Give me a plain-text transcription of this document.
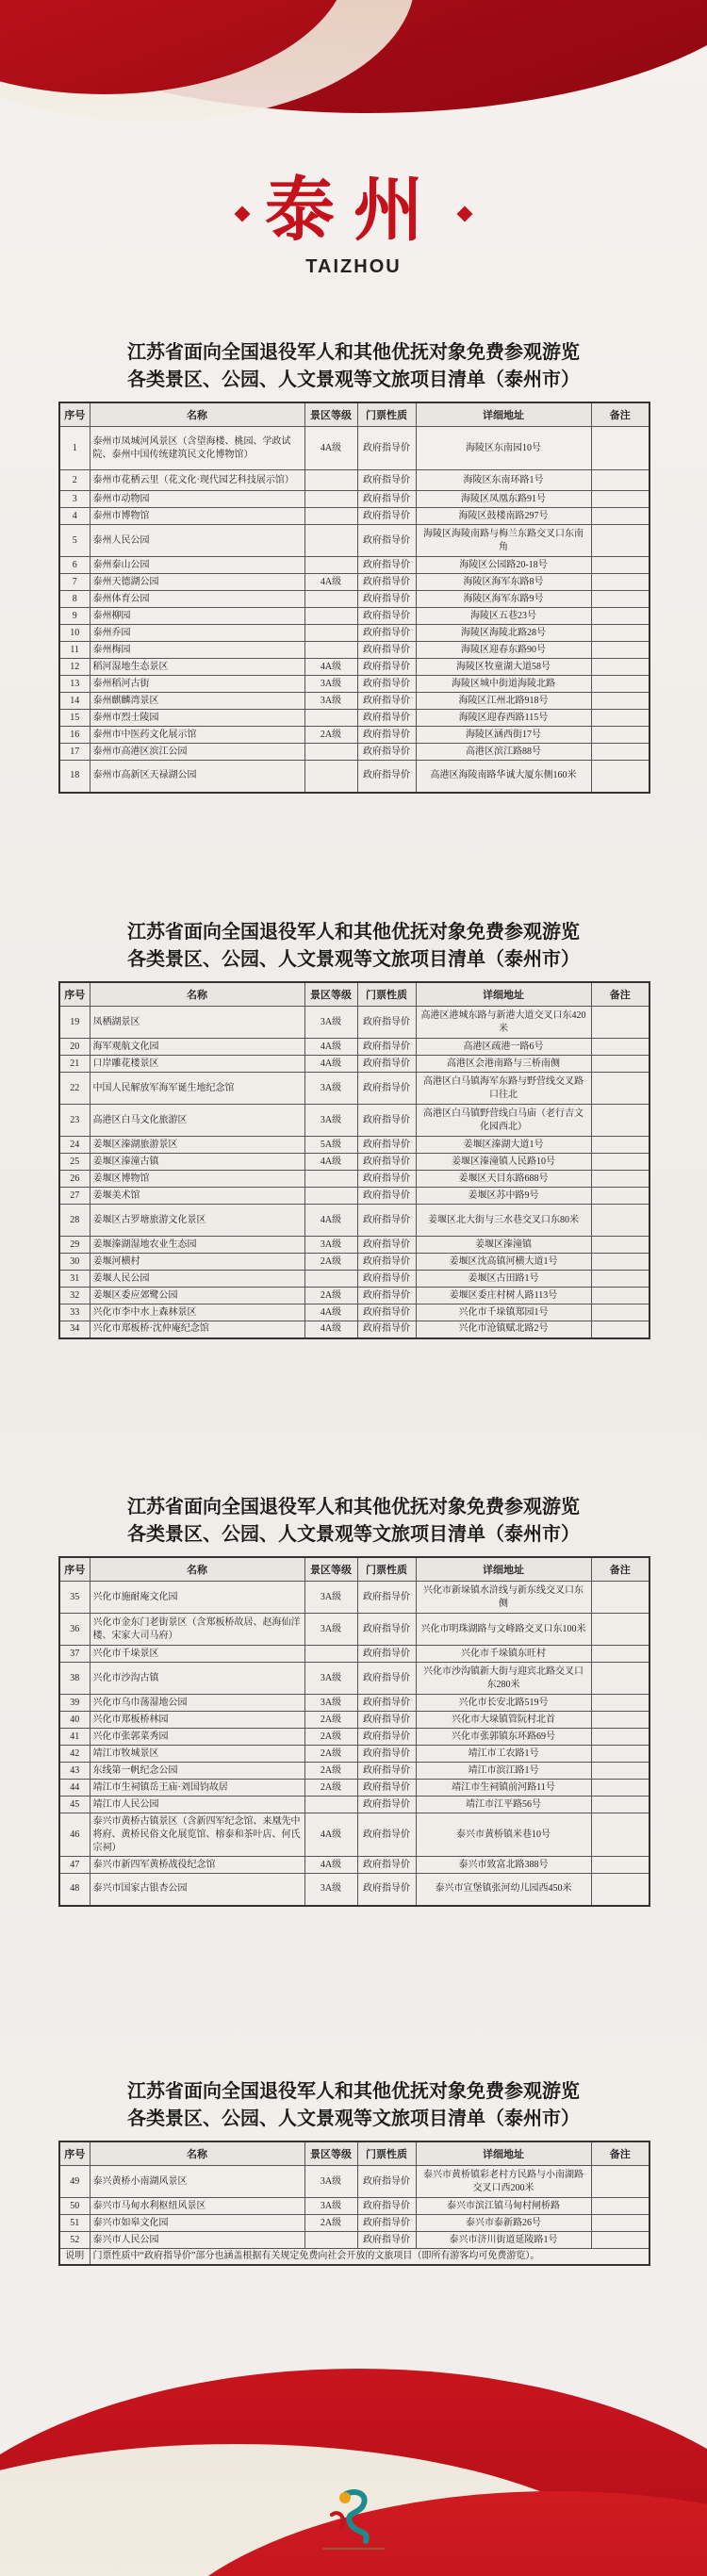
泰州
TAIZHOU
江苏省面向全国退役军人和其他优抚对象免费参观游览
各类景区、公园、人文景观等文旅项目清单（泰州市）
序号	名称	景区等级	门票性质	详细地址	备注
1	泰州市凤城河风景区（含望海楼、桃园、学政试院、泰州中国传统建筑民文化博物馆）	4A级	政府指导价	海陵区东南园10号	
2	泰州市花栖云里（花文化·现代园艺科技展示馆）		政府指导价	海陵区东南环路1号	
3	泰州市动物园		政府指导价	海陵区凤凰东路91号	
4	泰州市博物馆		政府指导价	海陵区鼓楼南路297号	
5	泰州人民公园		政府指导价	海陵区海陵南路与梅兰东路交叉口东南角	
6	泰州泰山公园		政府指导价	海陵区公园路20-18号	
7	泰州天德湖公园	4A级	政府指导价	海陵区海军东路8号	
8	泰州体育公园		政府指导价	海陵区海军东路9号	
9	泰州柳园		政府指导价	海陵区五巷23号	
10	泰州乔园		政府指导价	海陵区海陵北路28号	
11	泰州梅园		政府指导价	海陵区迎春东路90号	
12	稻河湿地生态景区	4A级	政府指导价	海陵区牧童湖大道58号	
13	泰州稻河古街	3A级	政府指导价	海陵区城中街道海陵北路	
14	泰州麒麟湾景区	3A级	政府指导价	海陵区江州北路918号	
15	泰州市烈士陵园		政府指导价	海陵区迎春西路115号	
16	泰州市中医药文化展示馆	2A级	政府指导价	海陵区涵西街17号	
17	泰州市高港区滨江公园		政府指导价	高港区滨江路88号	
18	泰州市高新区天禄湖公园		政府指导价	高港区海陵南路华诚大厦东侧160米	
江苏省面向全国退役军人和其他优抚对象免费参观游览
各类景区、公园、人文景观等文旅项目清单（泰州市）
序号	名称	景区等级	门票性质	详细地址	备注
19	凤栖湖景区	3A级	政府指导价	高港区港城东路与新港大道交叉口东420米	
20	海军观航文化园	4A级	政府指导价	高港区疏港一路6号	
21	口岸雕花楼景区	4A级	政府指导价	高港区会港南路与三桥南侧	
22	中国人民解放军海军诞生地纪念馆	3A级	政府指导价	高港区白马镇海军东路与野营线交叉路口往北	
23	高港区白马文化旅游区	3A级	政府指导价	高港区白马镇野营线白马庙（老行吉文化园西北）	
24	姜堰区溱湖旅游景区	5A级	政府指导价	姜堰区溱湖大道1号	
25	姜堰区溱潼古镇	4A级	政府指导价	姜堰区溱潼镇人民路10号	
26	姜堰区博物馆		政府指导价	姜堰区天目东路688号	
27	姜堰美术馆		政府指导价	姜堰区苏中路9号	
28	姜堰区古罗塘旅游文化景区	4A级	政府指导价	姜堰区北大街与三水巷交叉口东80米	
29	姜堰溱湖湿地农业生态园	3A级	政府指导价	姜堰区溱潼镇	
30	姜堰河横村	2A级	政府指导价	姜堰区沈高镇河横大道1号	
31	姜堰人民公园		政府指导价	姜堰区古田路1号	
32	姜堰区委应郊鹭公园	2A级	政府指导价	姜堰区委庄村树人路113号	
33	兴化市李中水上森林景区	4A级	政府指导价	兴化市千垛镇郑园1号	
34	兴化市郑板桥·沈仲庵纪念馆	4A级	政府指导价	兴化市沧镇赋北路2号	
江苏省面向全国退役军人和其他优抚对象免费参观游览
各类景区、公园、人文景观等文旅项目清单（泰州市）
序号	名称	景区等级	门票性质	详细地址	备注
35	兴化市施耐庵文化园	3A级	政府指导价	兴化市新垛镇水浒线与新东线交叉口东侧	
36	兴化市金东门老街景区（含郑板桥故居、赵海仙洋楼、宋家大司马府）	3A级	政府指导价	兴化市明珠湖路与文峰路交叉口东100米	
37	兴化市千垛景区		政府指导价	兴化市千垛镇东旺村	
38	兴化市沙沟古镇	3A级	政府指导价	兴化市沙沟镇新大街与迎宾北路交叉口东280米	
39	兴化市乌巾荡湿地公园	3A级	政府指导价	兴化市长安北路519号	
40	兴化市郑板桥林园	2A级	政府指导价	兴化市大垛镇管阮村北首	
41	兴化市张郭菜秀园	2A级	政府指导价	兴化市张郭镇东环路69号	
42	靖江市牧城景区	2A级	政府指导价	靖江市工农路1号	
43	东线第一帆纪念公园	2A级	政府指导价	靖江市滨江路1号	
44	靖江市生祠镇岳王庙·刘国钧故居	2A级	政府指导价	靖江市生祠镇前河路11号	
45	靖江市人民公园		政府指导价	靖江市江平路56号	
46	泰兴市黄桥古镇景区（含新四军纪念馆、来凰先中将府、黄桥民俗文化展览馆、榕泰和茶叶店、何氏宗祠）	4A级	政府指导价	泰兴市黄桥镇米巷10号	
47	泰兴市新四军黄桥战役纪念馆	4A级	政府指导价	泰兴市致富北路388号	
48	泰兴市国家古银杏公园	3A级	政府指导价	泰兴市宣堡镇张河幼儿园西450米	
江苏省面向全国退役军人和其他优抚对象免费参观游览
各类景区、公园、人文景观等文旅项目清单（泰州市）
序号	名称	景区等级	门票性质	详细地址	备注
49	泰兴黄桥小南湖风景区	3A级	政府指导价	泰兴市黄桥镇彩老村方民路与小南湖路交叉口西200米	
50	泰兴市马甸水利枢纽风景区	3A级	政府指导价	泰兴市滨江镇马甸村闸桥路	
51	泰兴市如皋文化园	2A级	政府指导价	泰兴市泰新路26号	
52	泰兴市人民公园		政府指导价	泰兴市济川街道延陵路1号	
说明	门票性质中“政府指导价”部分也涵盖根据有关规定免费向社会开放的文旅项目（即所有游客均可免费游览）。				
